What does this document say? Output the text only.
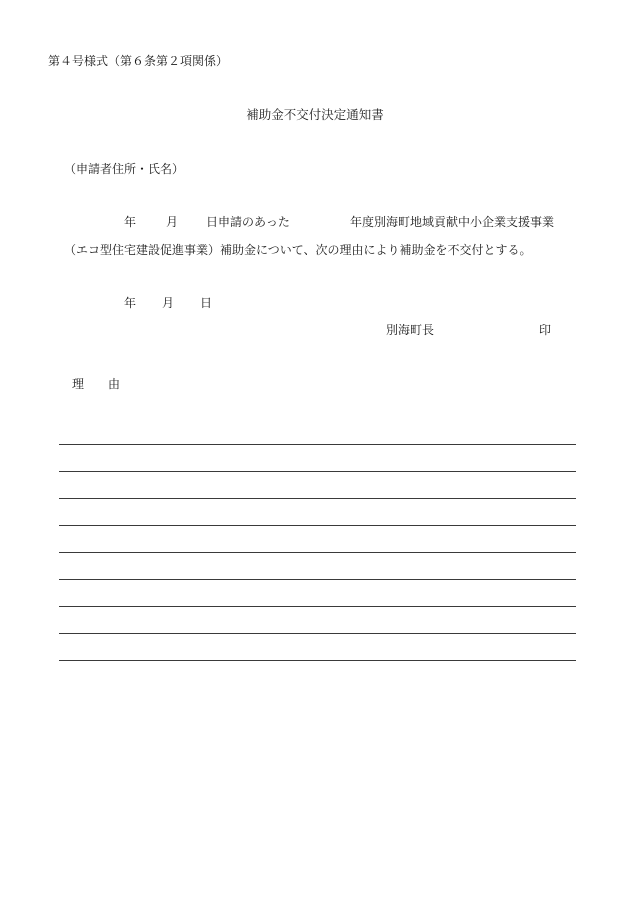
第４号様式（第６条第２項関係）
補助金不交付決定通知書
（申請者住所・氏名）
年 月 日申請のあった	年度別海町地域貢献中小企業支援事業
（エコ型住宅建設促進事業）補助金について、次の理由により補助金を不交付とする。
年 月 日
別海町長	印
理　　由
